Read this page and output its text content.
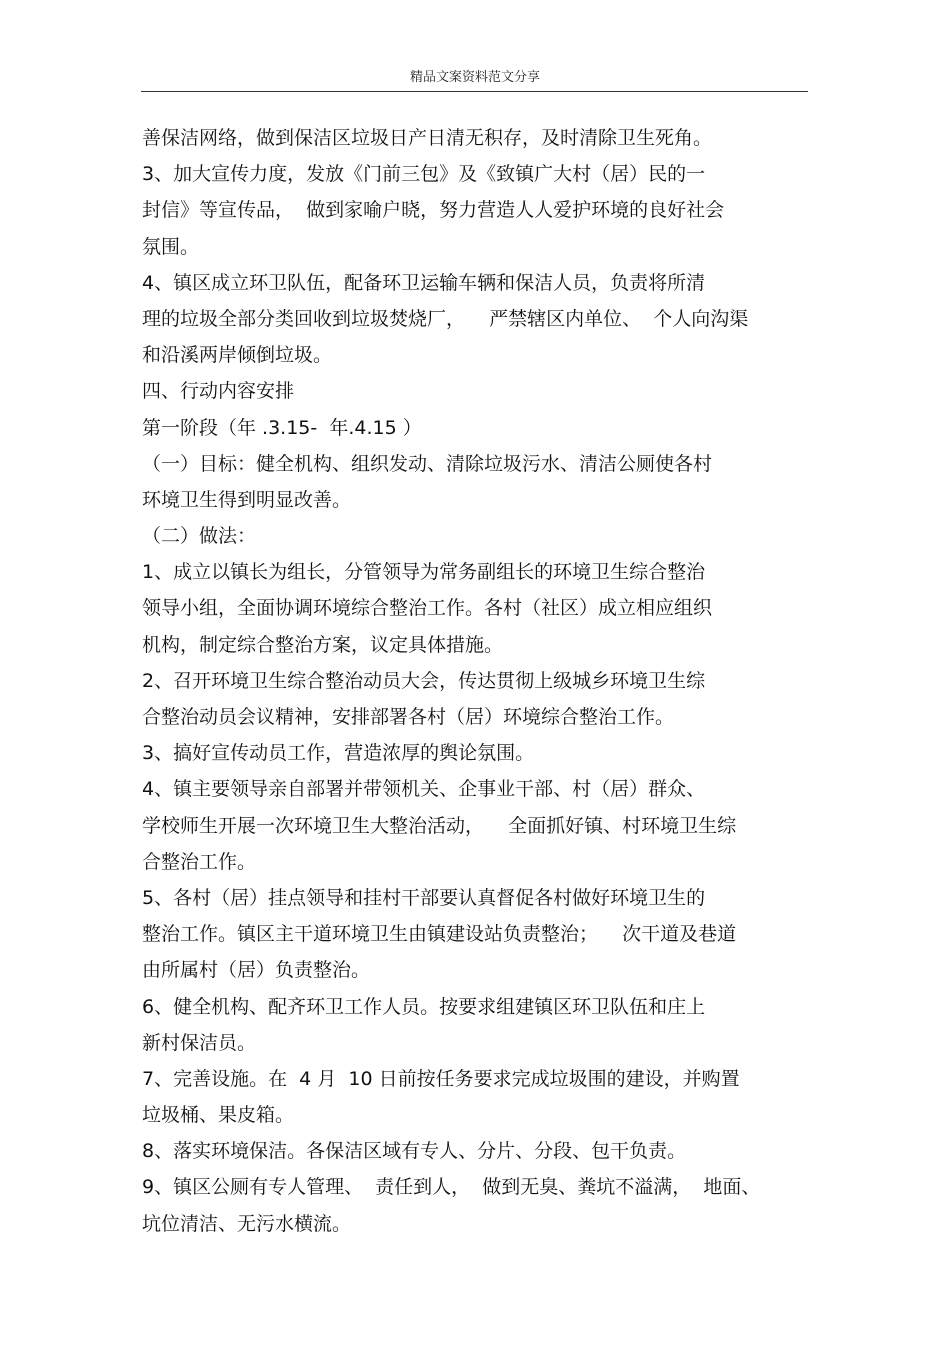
精品文案资料范文分享
善保洁网络，做到保洁区垃圾日产日清无积存，及时清除卫生死角。
3、加大宣传力度，发放《门前三包》及《致镇广大村（居）民的一
封信》等宣传品，  做到家喻户晓，努力营造人人爱护环境的良好社会
氛围。
4、镇区成立环卫队伍，配备环卫运输车辆和保洁人员，负责将所清
理的垃圾全部分类回收到垃圾焚烧厂，    严禁辖区内单位、  个人向沟渠
和沿溪两岸倾倒垃圾。
四、行动内容安排
第一阶段（年 .3.15-  年.4.15 ）
（一）目标：健全机构、组织发动、清除垃圾污水、清洁公厕使各村
环境卫生得到明显改善。
（二）做法：
1、成立以镇长为组长，分管领导为常务副组长的环境卫生综合整治
领导小组，全面协调环境综合整治工作。各村（社区）成立相应组织
机构，制定综合整治方案，议定具体措施。
2、召开环境卫生综合整治动员大会，传达贯彻上级城乡环境卫生综
合整治动员会议精神，安排部署各村（居）环境综合整治工作。
3、搞好宣传动员工作，营造浓厚的舆论氛围。
4、镇主要领导亲自部署并带领机关、企事业干部、村（居）群众、
学校师生开展一次环境卫生大整治活动，    全面抓好镇、村环境卫生综
合整治工作。
5、各村（居）挂点领导和挂村干部要认真督促各村做好环境卫生的
整治工作。镇区主干道环境卫生由镇建设站负责整治；    次干道及巷道
由所属村（居）负责整治。
6、健全机构、配齐环卫工作人员。按要求组建镇区环卫队伍和庄上
新村保洁员。
7、完善设施。在  4 月  10 日前按任务要求完成垃圾围的建设，并购置
垃圾桶、果皮箱。
8、落实环境保洁。各保洁区域有专人、分片、分段、包干负责。
9、镇区公厕有专人管理、  责任到人，  做到无臭、粪坑不溢满，  地面、
坑位清洁、无污水横流。
